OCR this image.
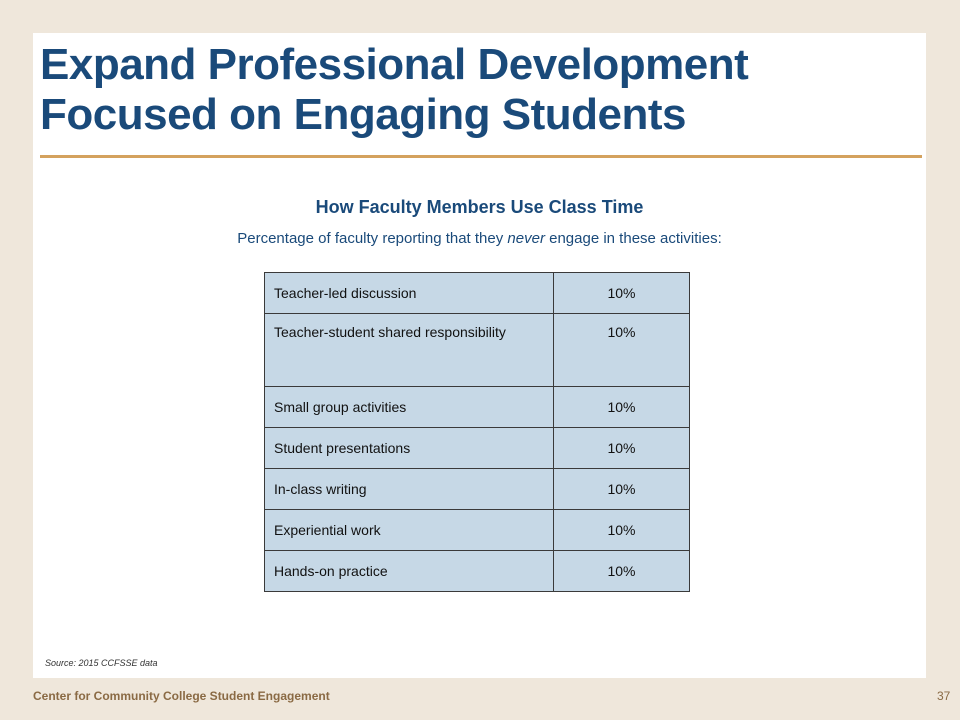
Expand Professional Development
Focused on Engaging Students
How Faculty Members Use Class Time
Percentage of faculty reporting that they never engage in these activities:
Teacher-led discussion	10%
Teacher-student shared responsibility	10%
Small group activities	10%
Student presentations	10%
In-class writing	10%
Experiential work	10%
Hands-on practice	10%
Source: 2015 CCFSSE data
Center for Community College Student Engagement	37
